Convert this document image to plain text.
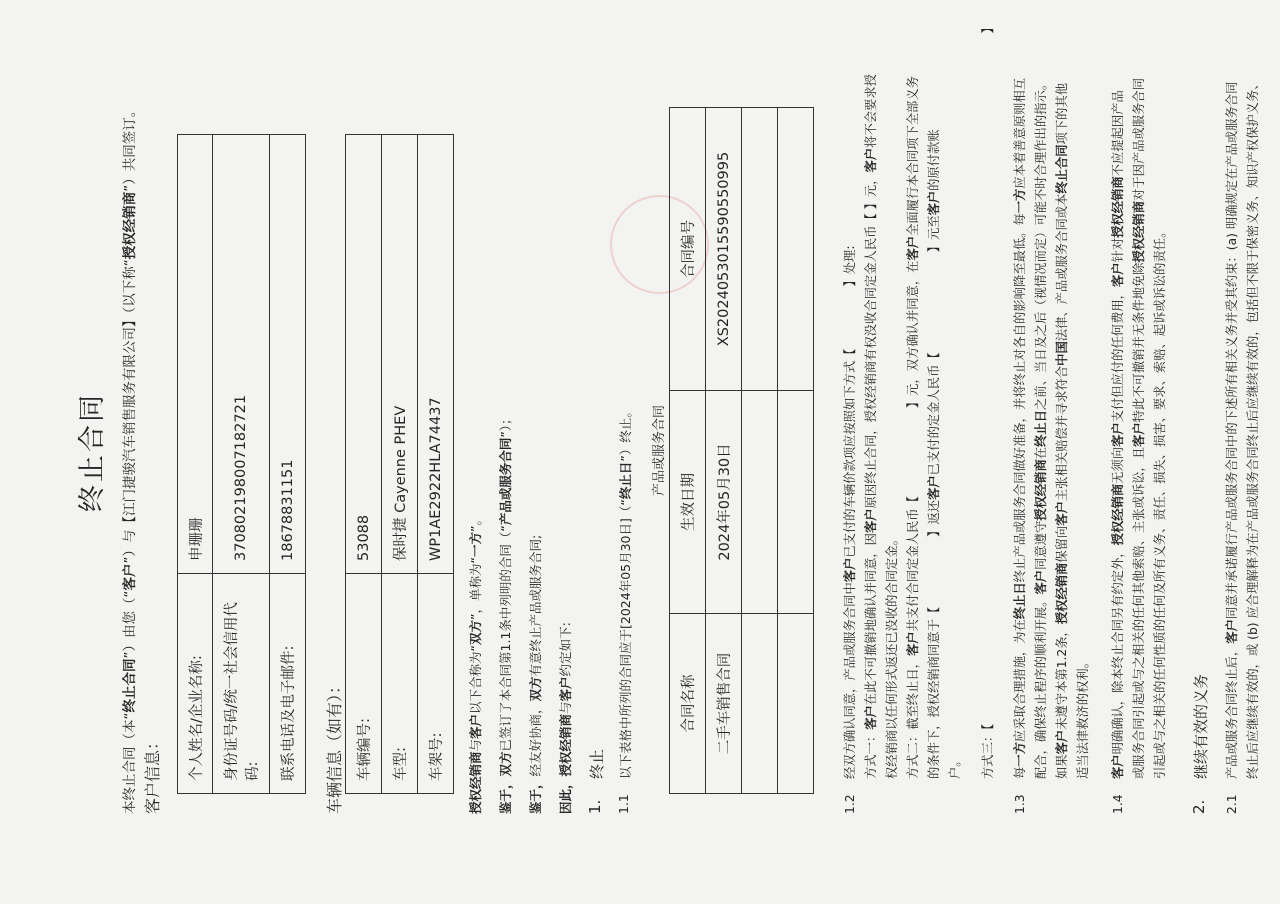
终止合同
本终止合同（本“终止合同”）由您（“客户”）与【江门捷骏汽车销售服务有限公司】（以下称“授权经销商”）共同签订。
客户信息： 个人姓名/企业名称:	申珊珊
身份证号码/统一社会信用代码:	370802198007182721
联系电话及电子邮件:	18678831151
车辆信息（如有）： 车辆编号:	53088
车型:	保时捷 Cayenne PHEV
车架号:	WP1AE2922HLA74437
授权经销商与客户以下合称为“双方”，单称为“一方”。
鉴于，双方已签订了本合同第1.1条中列明的合同（“产品或服务合同”）；
鉴于，经友好协商，双方有意终止产品或服务合同;
因此，授权经销商与客户约定如下:
1.
终止
1.1
以下表格中所列的合同应于[2024年05月30日]（“终止日”）终止。 产品或服务合同		
合同名称	生效日期	合同编号
二手车销售合同	2024年05月30日	XS20240530155905509​95

1.2
经双方确认同意，产品或服务合同中客户已支付的车辆价款项应按照如下方式【】处理:
方式一：客户在此不可撤销地确认并同意，因客户原因终止合同，授权经销商有权没收合同定金人民币【 】元，客户将不会要求授
权经销商以任何形式返还已没收的合同定金。 方式二：截至终止日，客户共支付合同定金人民币【】元，双方确认并同意，在客户全面履行本合同项下全部义务
的条件下，授权经销商同意于【】返还客户已支付的定金人民币【】元至客户的原付款账
户。	方式三：【】
1.3
每一方应采取合理措施，为在终止日终止产品或服务合同做好准备，并将终止对各自的影响降至最低。每一方应本着善意原则相互
配合，确保终止程序的顺利开展。客户同意遵守授权经销商在终止日之前、当日及之后（视情况而定）可能不时合理作出的指示。
如果客户未遵守本第1.2条，授权经销商保留向客户主张相关赔偿并寻求符合中国法律、产品或服务合同或本终止合同项下的其他
适当法律救济的权利。
1.4
客户明确确认，除本终止合同另有约定外，授权经销商无须向客户支付但应付的任何费用，客户针对授权经销商不应提起因产品
或服务合同引起或与之相关的任何其他索赔、主张或诉讼，且客户特此不可撤销并无条件地免除授权经销商对于因产品或服务合同
引起或与之相关的任何性质的任何及所有义务、责任、损失、损害、要求、索赔、起诉或诉讼的责任。
2.
继续有效的义务
2.1
产品或服务合同终止后，客户同意并承诺履行产品或服务合同中的下述所有相关义务并受其约束：(a) 明确规定在产品或服务合同 终止后应继续有效的，或 (b) 应合理解释为在产品或服务合同终止后应继续有效的，包括但不限于保密义务、知识产权保护义务、
